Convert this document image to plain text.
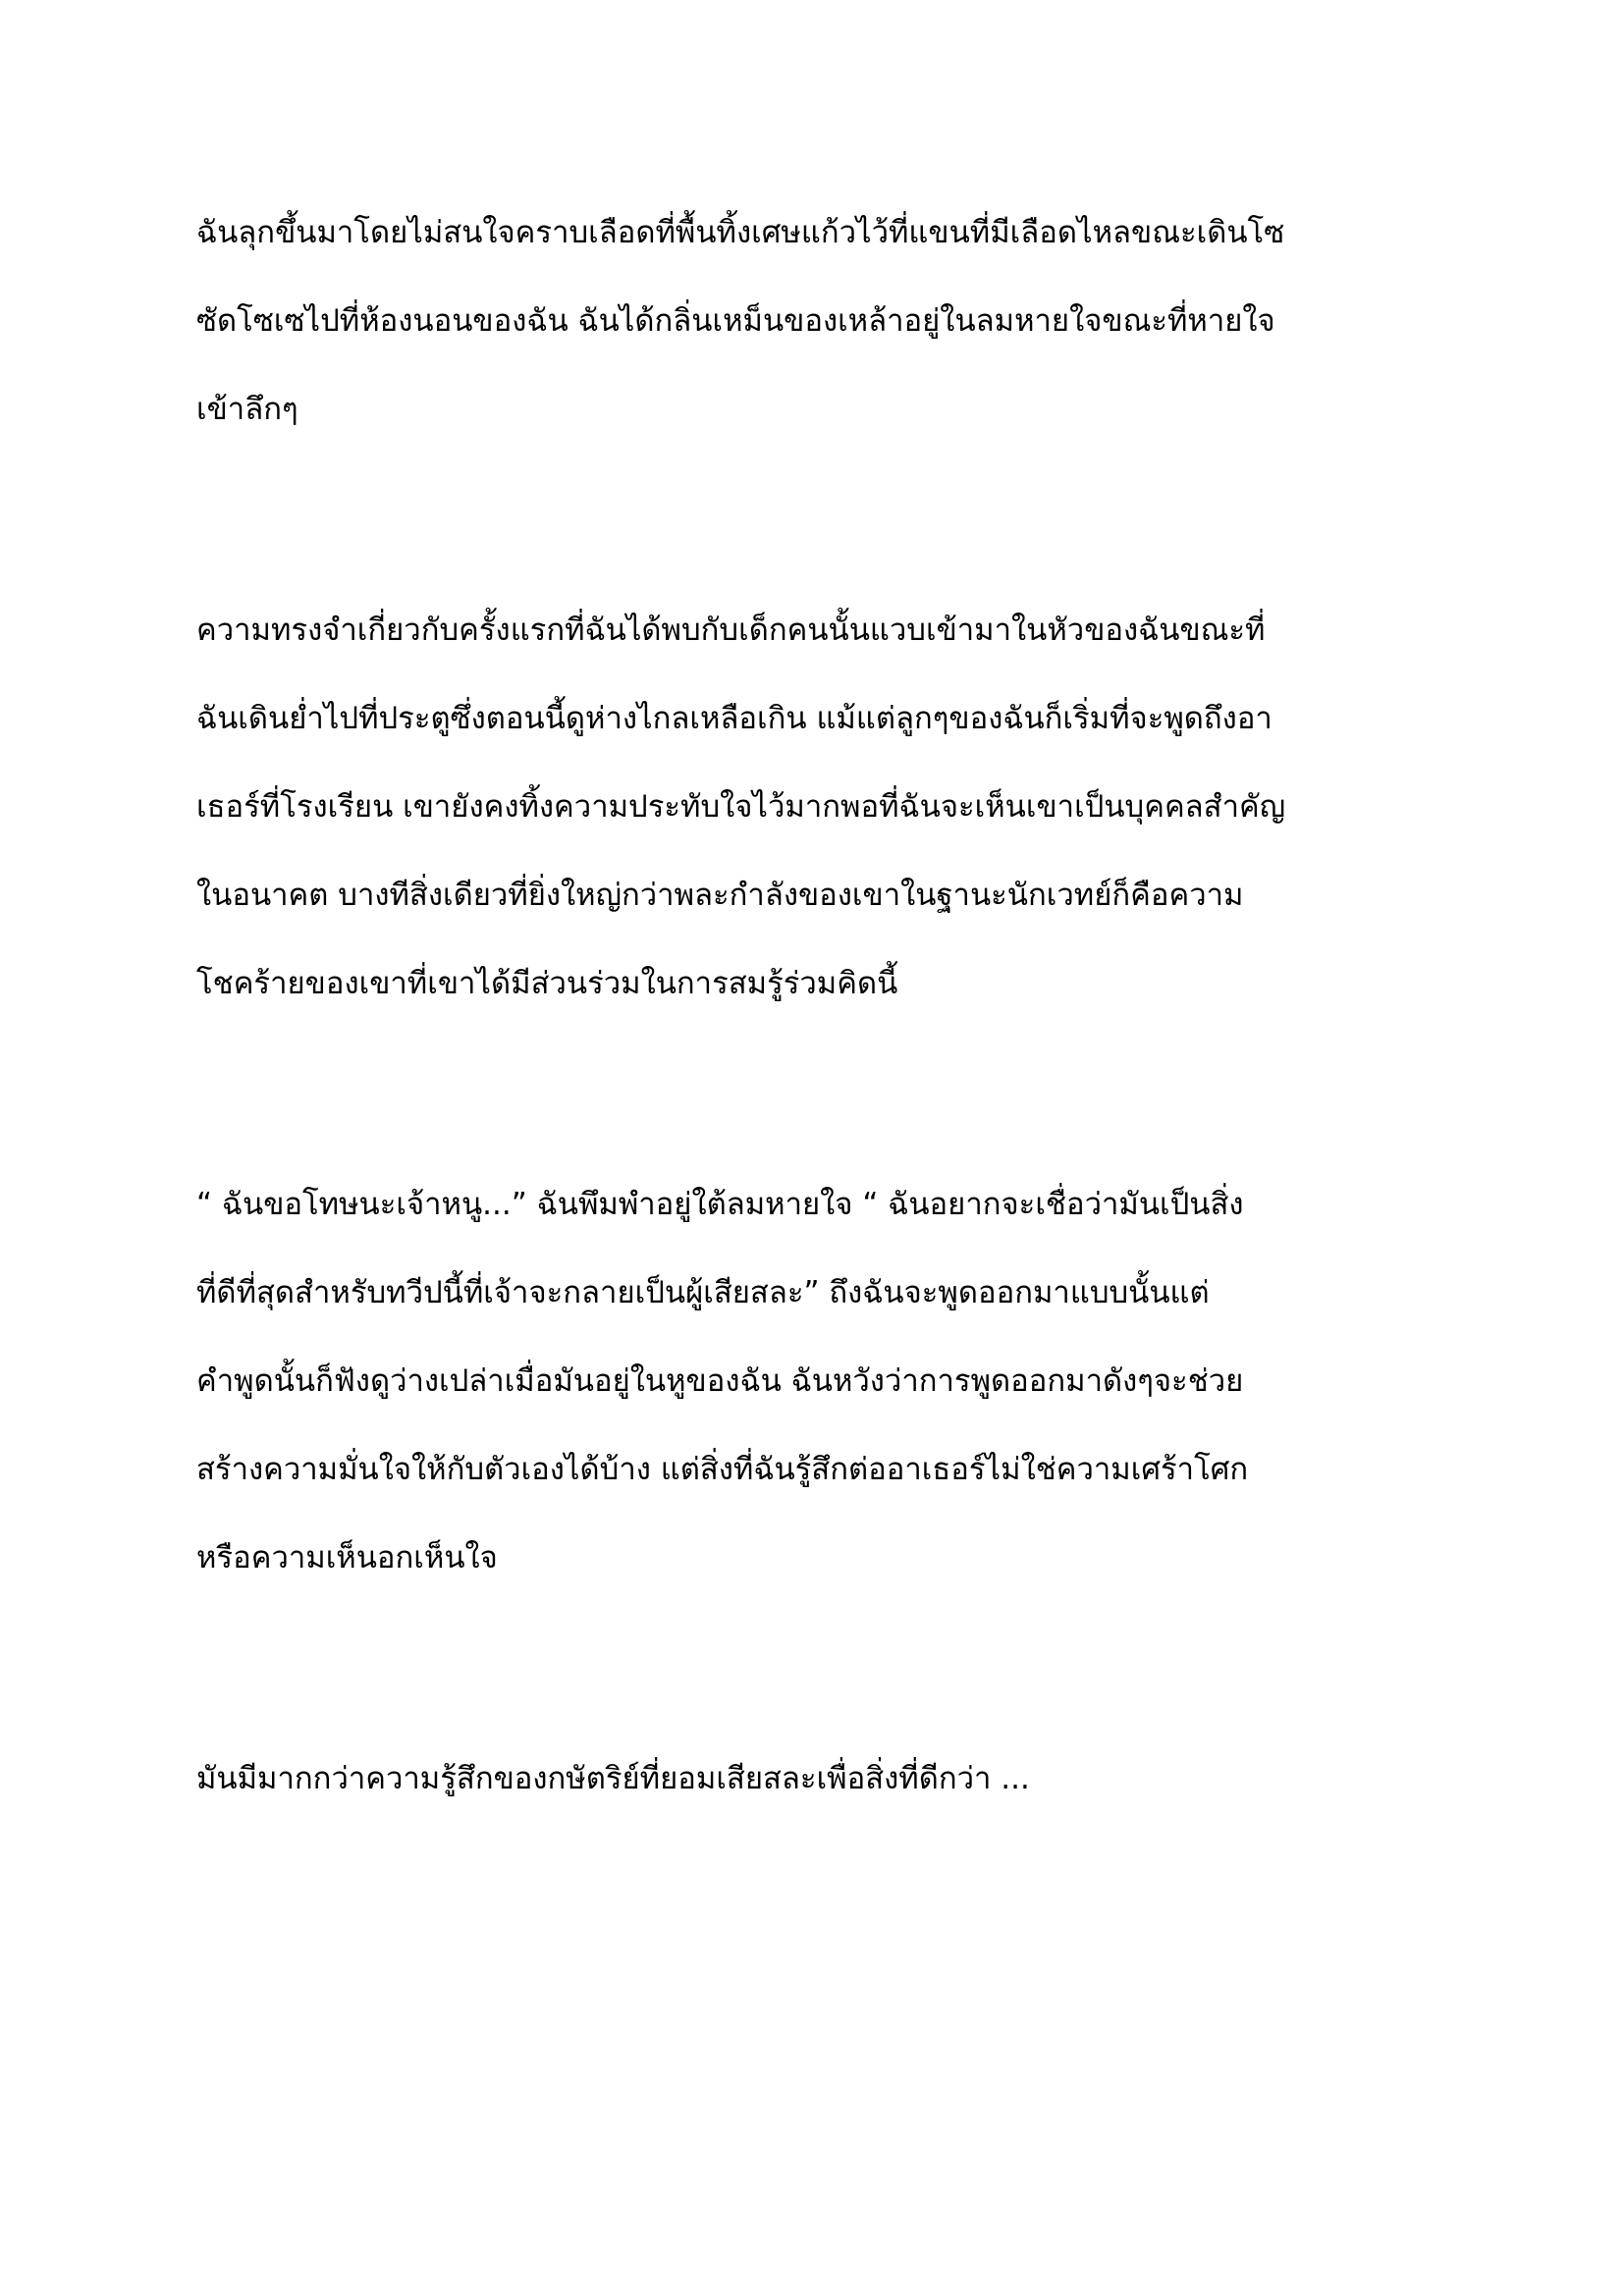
ฉันลุกขึ้นมาโดยไม่สนใจคราบเลือดที่พื้นทิ้งเศษแก้วไว้ที่แขนที่มีเลือดไหลขณะเดินโซ
ซัดโซเซไปที่ห้องนอนของฉัน ฉันได้กลิ่นเหม็นของเหล้าอยู่ในลมหายใจขณะที่หายใจ
เข้าลึกๆ
ความทรงจำเกี่ยวกับครั้งแรกที่ฉันได้พบกับเด็กคนนั้นแวบเข้ามาในหัวของฉันขณะที่
ฉันเดินย่ำไปที่ประตูซึ่งตอนนี้ดูห่างไกลเหลือเกิน แม้แต่ลูกๆของฉันก็เริ่มที่จะพูดถึงอา
เธอร์ที่โรงเรียน เขายังคงทิ้งความประทับใจไว้มากพอที่ฉันจะเห็นเขาเป็นบุคคลสำคัญ
ในอนาคต บางทีสิ่งเดียวที่ยิ่งใหญ่กว่าพละกำลังของเขาในฐานะนักเวทย์ก็คือความ
โชคร้ายของเขาที่เขาได้มีส่วนร่วมในการสมรู้ร่วมคิดนี้
“ ฉันขอโทษนะเจ้าหนู...” ฉันพึมพำอยู่ใต้ลมหายใจ “ ฉันอยากจะเชื่อว่ามันเป็นสิ่ง
ที่ดีที่สุดสำหรับทวีปนี้ที่เจ้าจะกลายเป็นผู้เสียสละ” ถึงฉันจะพูดออกมาแบบนั้นแต่
คำพูดนั้นก็ฟังดูว่างเปล่าเมื่อมันอยู่ในหูของฉัน ฉันหวังว่าการพูดออกมาดังๆจะช่วย
สร้างความมั่นใจให้กับตัวเองได้บ้าง แต่สิ่งที่ฉันรู้สึกต่ออาเธอร์ไม่ใช่ความเศร้าโศก
หรือความเห็นอกเห็นใจ
มันมีมากกว่าความรู้สึกของกษัตริย์ที่ยอมเสียสละเพื่อสิ่งที่ดีกว่า ...
